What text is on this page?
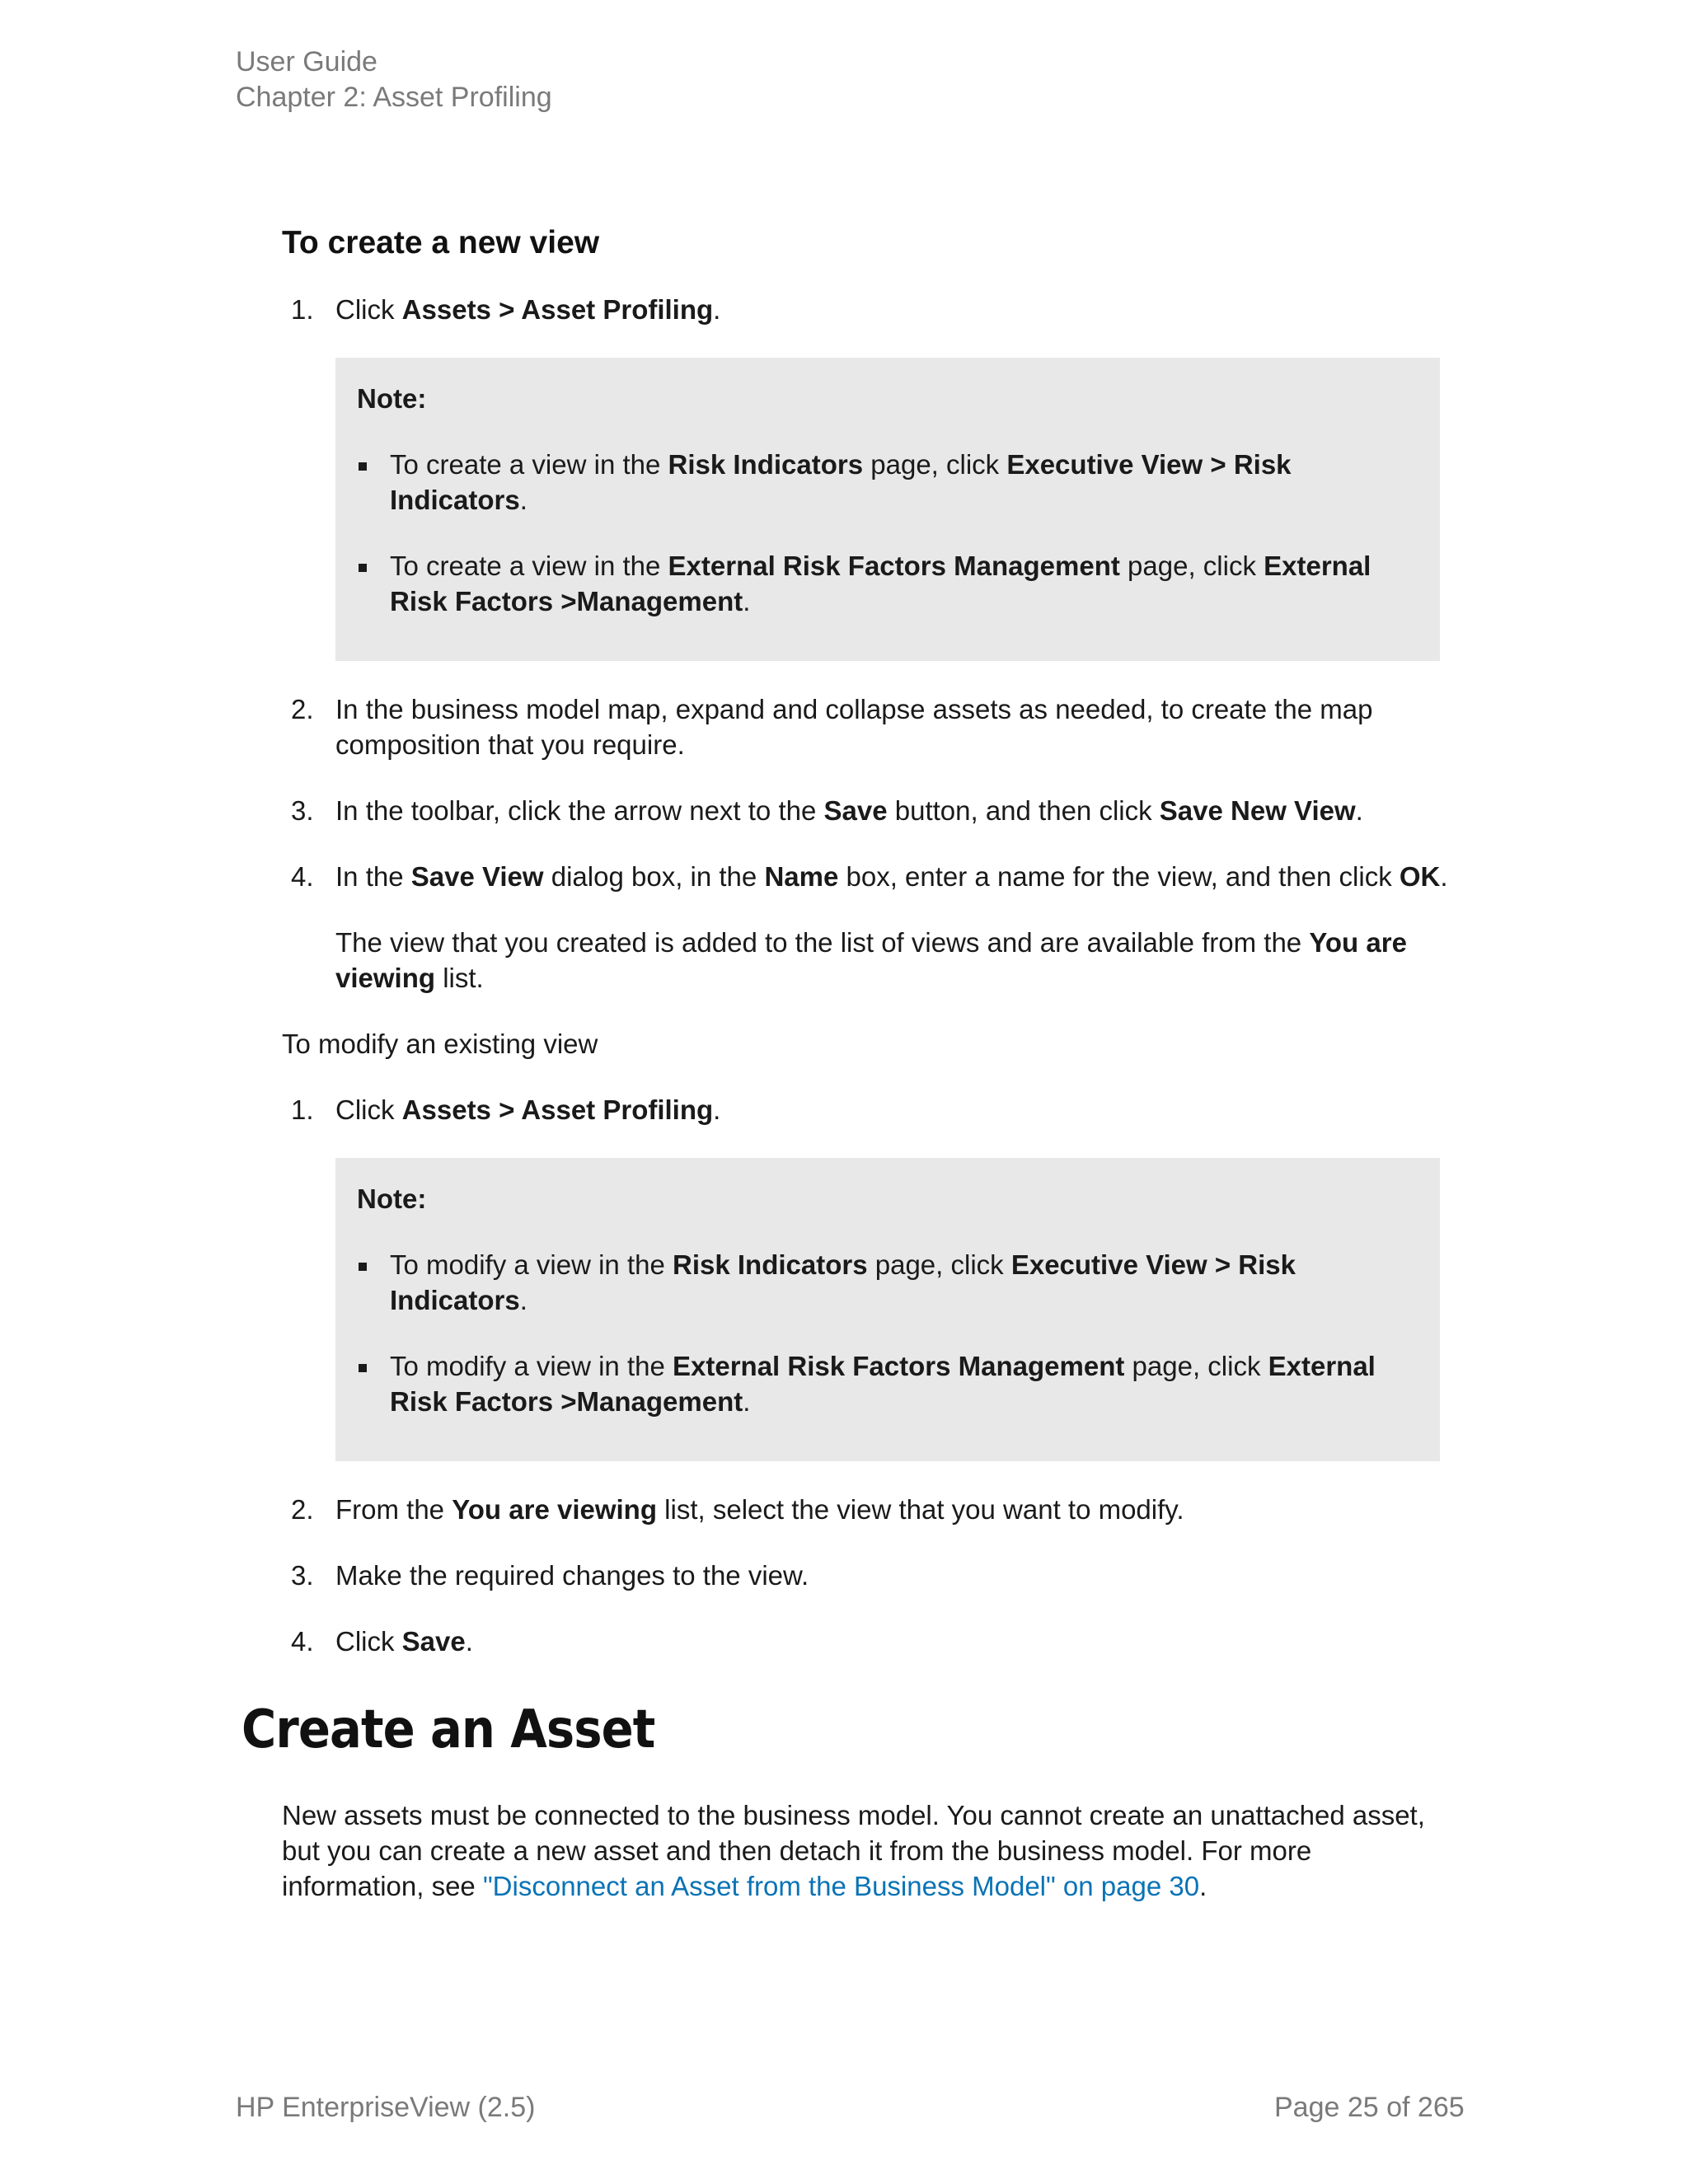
User Guide
Chapter 2: Asset Profiling
To create a new view
1. Click Assets > Asset Profiling.
Note:
To create a view in the Risk Indicators page, click Executive View > Risk Indicators.
To create a view in the External Risk Factors Management page, click External Risk Factors >Management.
2. In the business model map, expand and collapse assets as needed, to create the map composition that you require.
3. In the toolbar, click the arrow next to the Save button, and then click Save New View.
4. In the Save View dialog box, in the Name box, enter a name for the view, and then click OK.
The view that you created is added to the list of views and are available from the You are viewing list.
To modify an existing view
1. Click Assets > Asset Profiling.
Note:
To modify a view in the Risk Indicators page, click Executive View > Risk Indicators.
To modify a view in the External Risk Factors Management page, click External Risk Factors >Management.
2. From the You are viewing list, select the view that you want to modify.
3. Make the required changes to the view.
4. Click Save.
Create an Asset
New assets must be connected to the business model. You cannot create an unattached asset, but you can create a new asset and then detach it from the business model. For more information, see "Disconnect an Asset from the Business Model" on page 30.
HP EnterpriseView (2.5)	Page 25 of 265
